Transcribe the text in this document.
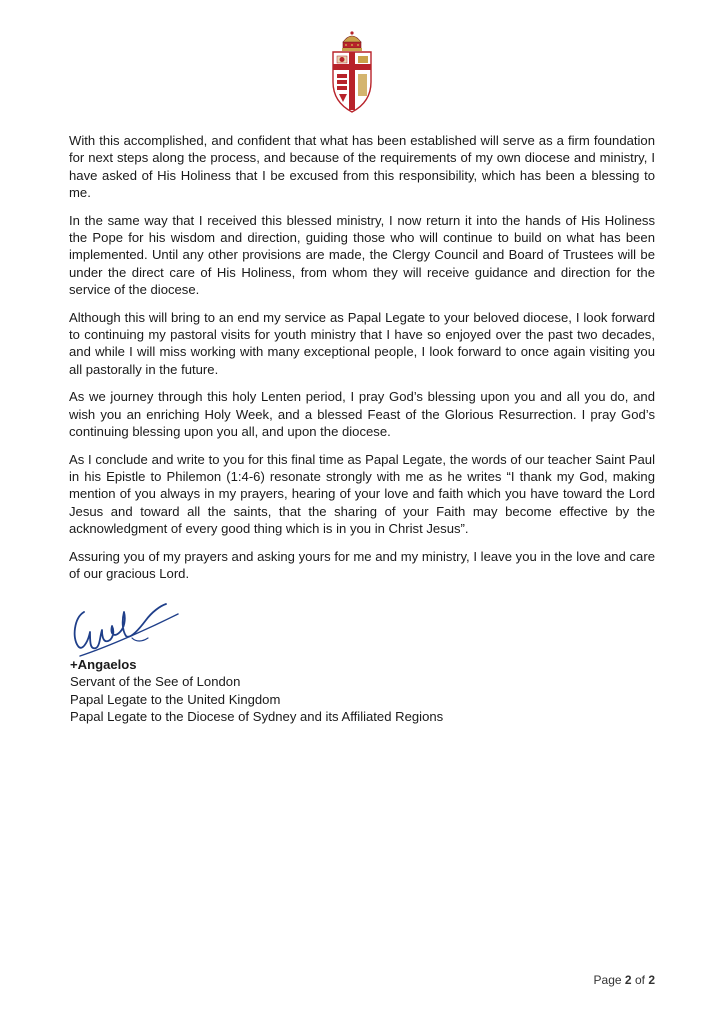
With this accomplished, and confident that what has been established will serve as a firm foundation for next steps along the process, and because of the requirements of my own diocese and ministry, I have asked of His Holiness that I be excused from this responsibility, which has been a blessing to me.

In the same way that I received this blessed ministry, I now return it into the hands of His Holiness the Pope for his wisdom and direction, guiding those who will continue to build on what has been implemented. Until any other provisions are made, the Clergy Council and Board of Trustees will be under the direct care of His Holiness, from whom they will receive guidance and direction for the service of the diocese.

Although this will bring to an end my service as Papal Legate to your beloved diocese, I look forward to continuing my pastoral visits for youth ministry that I have so enjoyed over the past two decades, and while I will miss working with many exceptional people, I look forward to once again visiting you all pastorally in the future.

As we journey through this holy Lenten period, I pray God’s blessing upon you and all you do, and wish you an enriching Holy Week, and a blessed Feast of the Glorious Resurrection. I pray God’s continuing blessing upon you all, and upon the diocese.

As I conclude and write to you for this final time as Papal Legate, the words of our teacher Saint Paul in his Epistle to Philemon (1:4-6) resonate strongly with me as he writes “I thank my God, making mention of you always in my prayers, hearing of your love and faith which you have toward the Lord Jesus and toward all the saints, that the sharing of your Faith may become effective by the acknowledgment of every good thing which is in you in Christ Jesus”.

Assuring you of my prayers and asking yours for me and my ministry, I leave you in the love and care of our gracious Lord.

+Angaelos
Servant of the See of London
Papal Legate to the United Kingdom
Papal Legate to the Diocese of Sydney and its Affiliated Regions
Page 2 of 2
